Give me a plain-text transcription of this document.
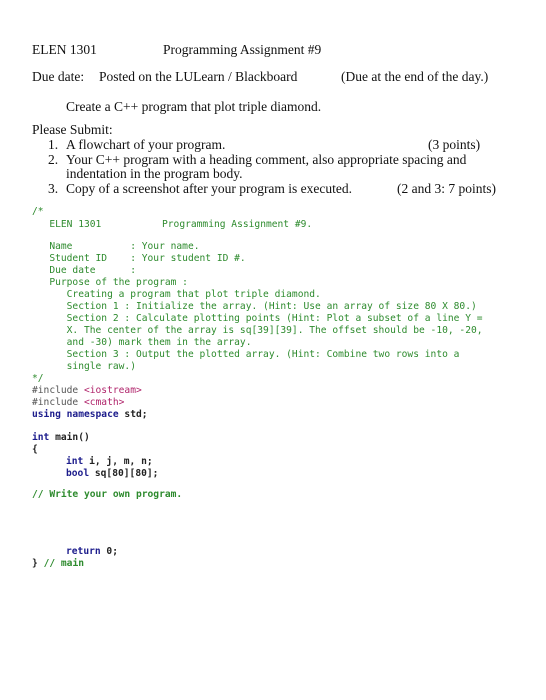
ELEN 1301	Programming Assignment #9
Due date: Posted on the LULearn / Blackboard	(Due at the end of the day.)
Create a C++ program that plot triple diamond.
Please Submit:
1. A flowchart of your program.	(3 points)
2. Your C++ program with a heading comment, also appropriate spacing and
indentation in the program body.
3. Copy of a screenshot after your program is executed.	(2 and 3: 7 points)
/*
ELEN 1301	Programming Assignment #9.
Name          : Your name.
Student ID    : Your student ID #.
Due date      :
Purpose of the program :
Creating a program that plot triple diamond.
Section 1 : Initialize the array. (Hint: Use an array of size 80 X 80.)
Section 2 : Calculate plotting points (Hint: Plot a subset of a line Y =
X. The center of the array is sq[39][39]. The offset should be -10, -20,
and -30) mark them in the array.
Section 3 : Output the plotted array. (Hint: Combine two rows into a
single raw.)
*/
#include <iostream>
#include <cmath>
using namespace std;
int main()
{
int i, j, m, n;
bool sq[80][80];
// Write your own program.
return 0;
} // main
